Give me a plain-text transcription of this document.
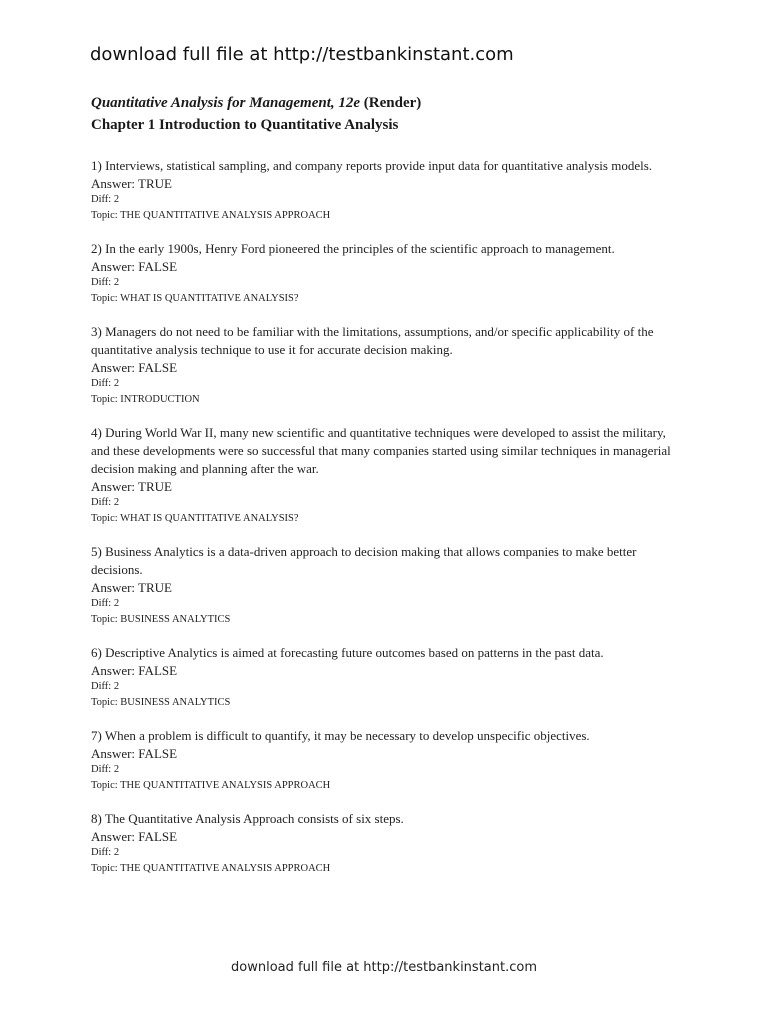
download full file at http://testbankinstant.com
Quantitative Analysis for Management, 12e (Render)
Chapter 1 Introduction to Quantitative Analysis
1) Interviews, statistical sampling, and company reports provide input data for quantitative analysis models.
Answer: TRUE
Diff: 2
Topic: THE QUANTITATIVE ANALYSIS APPROACH
2) In the early 1900s, Henry Ford pioneered the principles of the scientific approach to management.
Answer: FALSE
Diff: 2
Topic: WHAT IS QUANTITATIVE ANALYSIS?
3) Managers do not need to be familiar with the limitations, assumptions, and/or specific applicability of the quantitative analysis technique to use it for accurate decision making.
Answer: FALSE
Diff: 2
Topic: INTRODUCTION
4) During World War II, many new scientific and quantitative techniques were developed to assist the military, and these developments were so successful that many companies started using similar techniques in managerial decision making and planning after the war.
Answer: TRUE
Diff: 2
Topic: WHAT IS QUANTITATIVE ANALYSIS?
5) Business Analytics is a data-driven approach to decision making that allows companies to make better decisions.
Answer: TRUE
Diff: 2
Topic: BUSINESS ANALYTICS
6) Descriptive Analytics is aimed at forecasting future outcomes based on patterns in the past data.
Answer: FALSE
Diff: 2
Topic: BUSINESS ANALYTICS
7) When a problem is difficult to quantify, it may be necessary to develop unspecific objectives.
Answer: FALSE
Diff: 2
Topic: THE QUANTITATIVE ANALYSIS APPROACH
8) The Quantitative Analysis Approach consists of six steps.
Answer: FALSE
Diff: 2
Topic: THE QUANTITATIVE ANALYSIS APPROACH
download full file at http://testbankinstant.com
